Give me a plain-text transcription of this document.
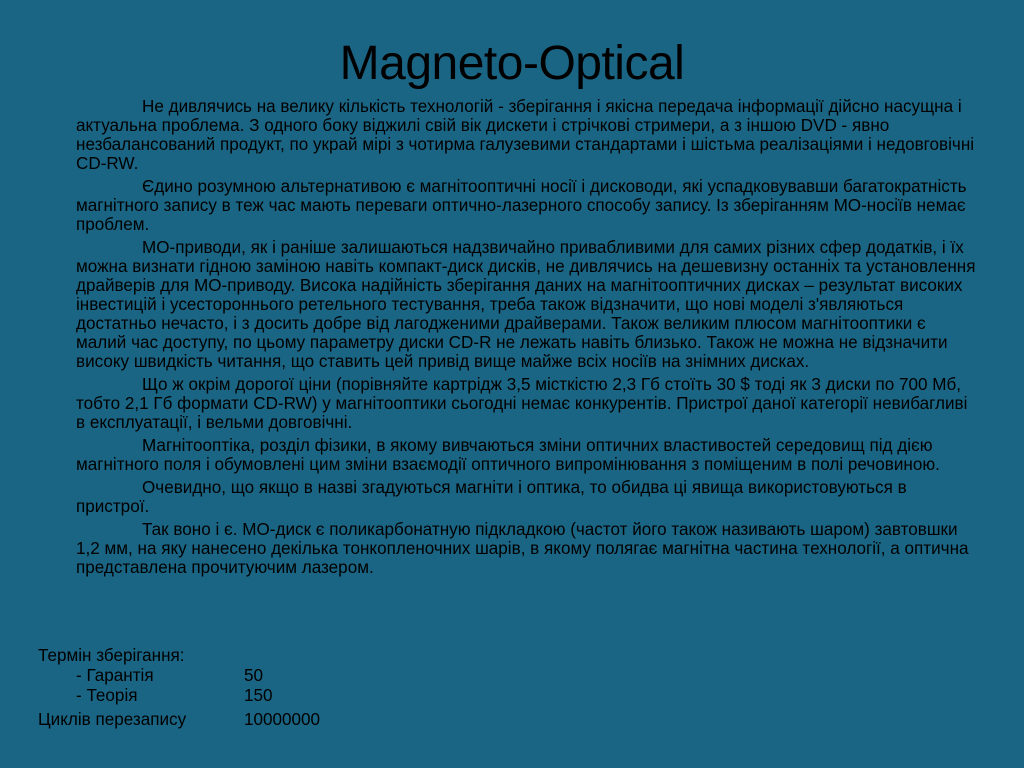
Magneto-Optical

Не дивлячись на велику кількість технологій - зберігання і якісна передача інформації дійсно насущна і актуальна проблема. З одного боку віджилі свій вік дискети і стрічкові стримери, а з іншою DVD - явно незбалансований продукт, по украй мірі з чотирма галузевими стандартами і шістьма реалізаціями і недовговічні CD-RW.

Єдино розумною альтернативою є магнітооптичні носії і дисководи, які успадковувавши багатократність магнітного запису в теж час мають переваги оптично-лазерного способу запису. Із зберіганням МО-носіїв немає проблем.

МО-приводи, як і раніше залишаються надзвичайно привабливими для самих різних сфер додатків, і їх можна визнати гідною заміною навіть компакт-диск дисків, не дивлячись на дешевизну останніх та установлення драйверів для МО-приводу. Висока надійність зберігання даних на магнітооптичних дисках – результат високих інвестицій і усестороннього ретельного тестування, треба також відзначити, що нові моделі з'являються достатньо нечасто, і з досить добре від лагодженими драйверами. Також великим плюсом магнітооптики є малий час доступу, по цьому параметру диски CD-R не лежать навіть близько. Також не можна не відзначити високу швидкість читання, що ставить цей привід вище майже всіх носіїв на знімних дисках.

Що ж окрім дорогої ціни (порівняйте картрідж 3,5 місткістю 2,3 Гб стоїть 30 $ тоді як 3 диски по 700 Мб, тобто 2,1 Гб формати CD-RW) у магнітооптики сьогодні немає конкурентів. Пристрої даної категорії невибагливі в експлуатації, і вельми довговічні.

Магнітооптіка, розділ фізики, в якому вивчаються зміни оптичних властивостей середовищ під дією магнітного поля і обумовлені цим зміни взаємодії оптичного випромінювання з поміщеним в полі речовиною.

Очевидно, що якщо в назві згадуються магніти і оптика, то обидва ці явища використовуються в пристрої.

Так воно і є. МО-диск є поликарбонатную підкладкою (частот його також називають шаром) завтовшки 1,2 мм, на яку нанесено декілька тонкопленочних шарів, в якому полягає магнітна частина технології, а оптична представлена прочитуючим лазером.

Термін зберігання:
- Гарантія	50
- Теорія	150
Циклів перезапису	10000000
